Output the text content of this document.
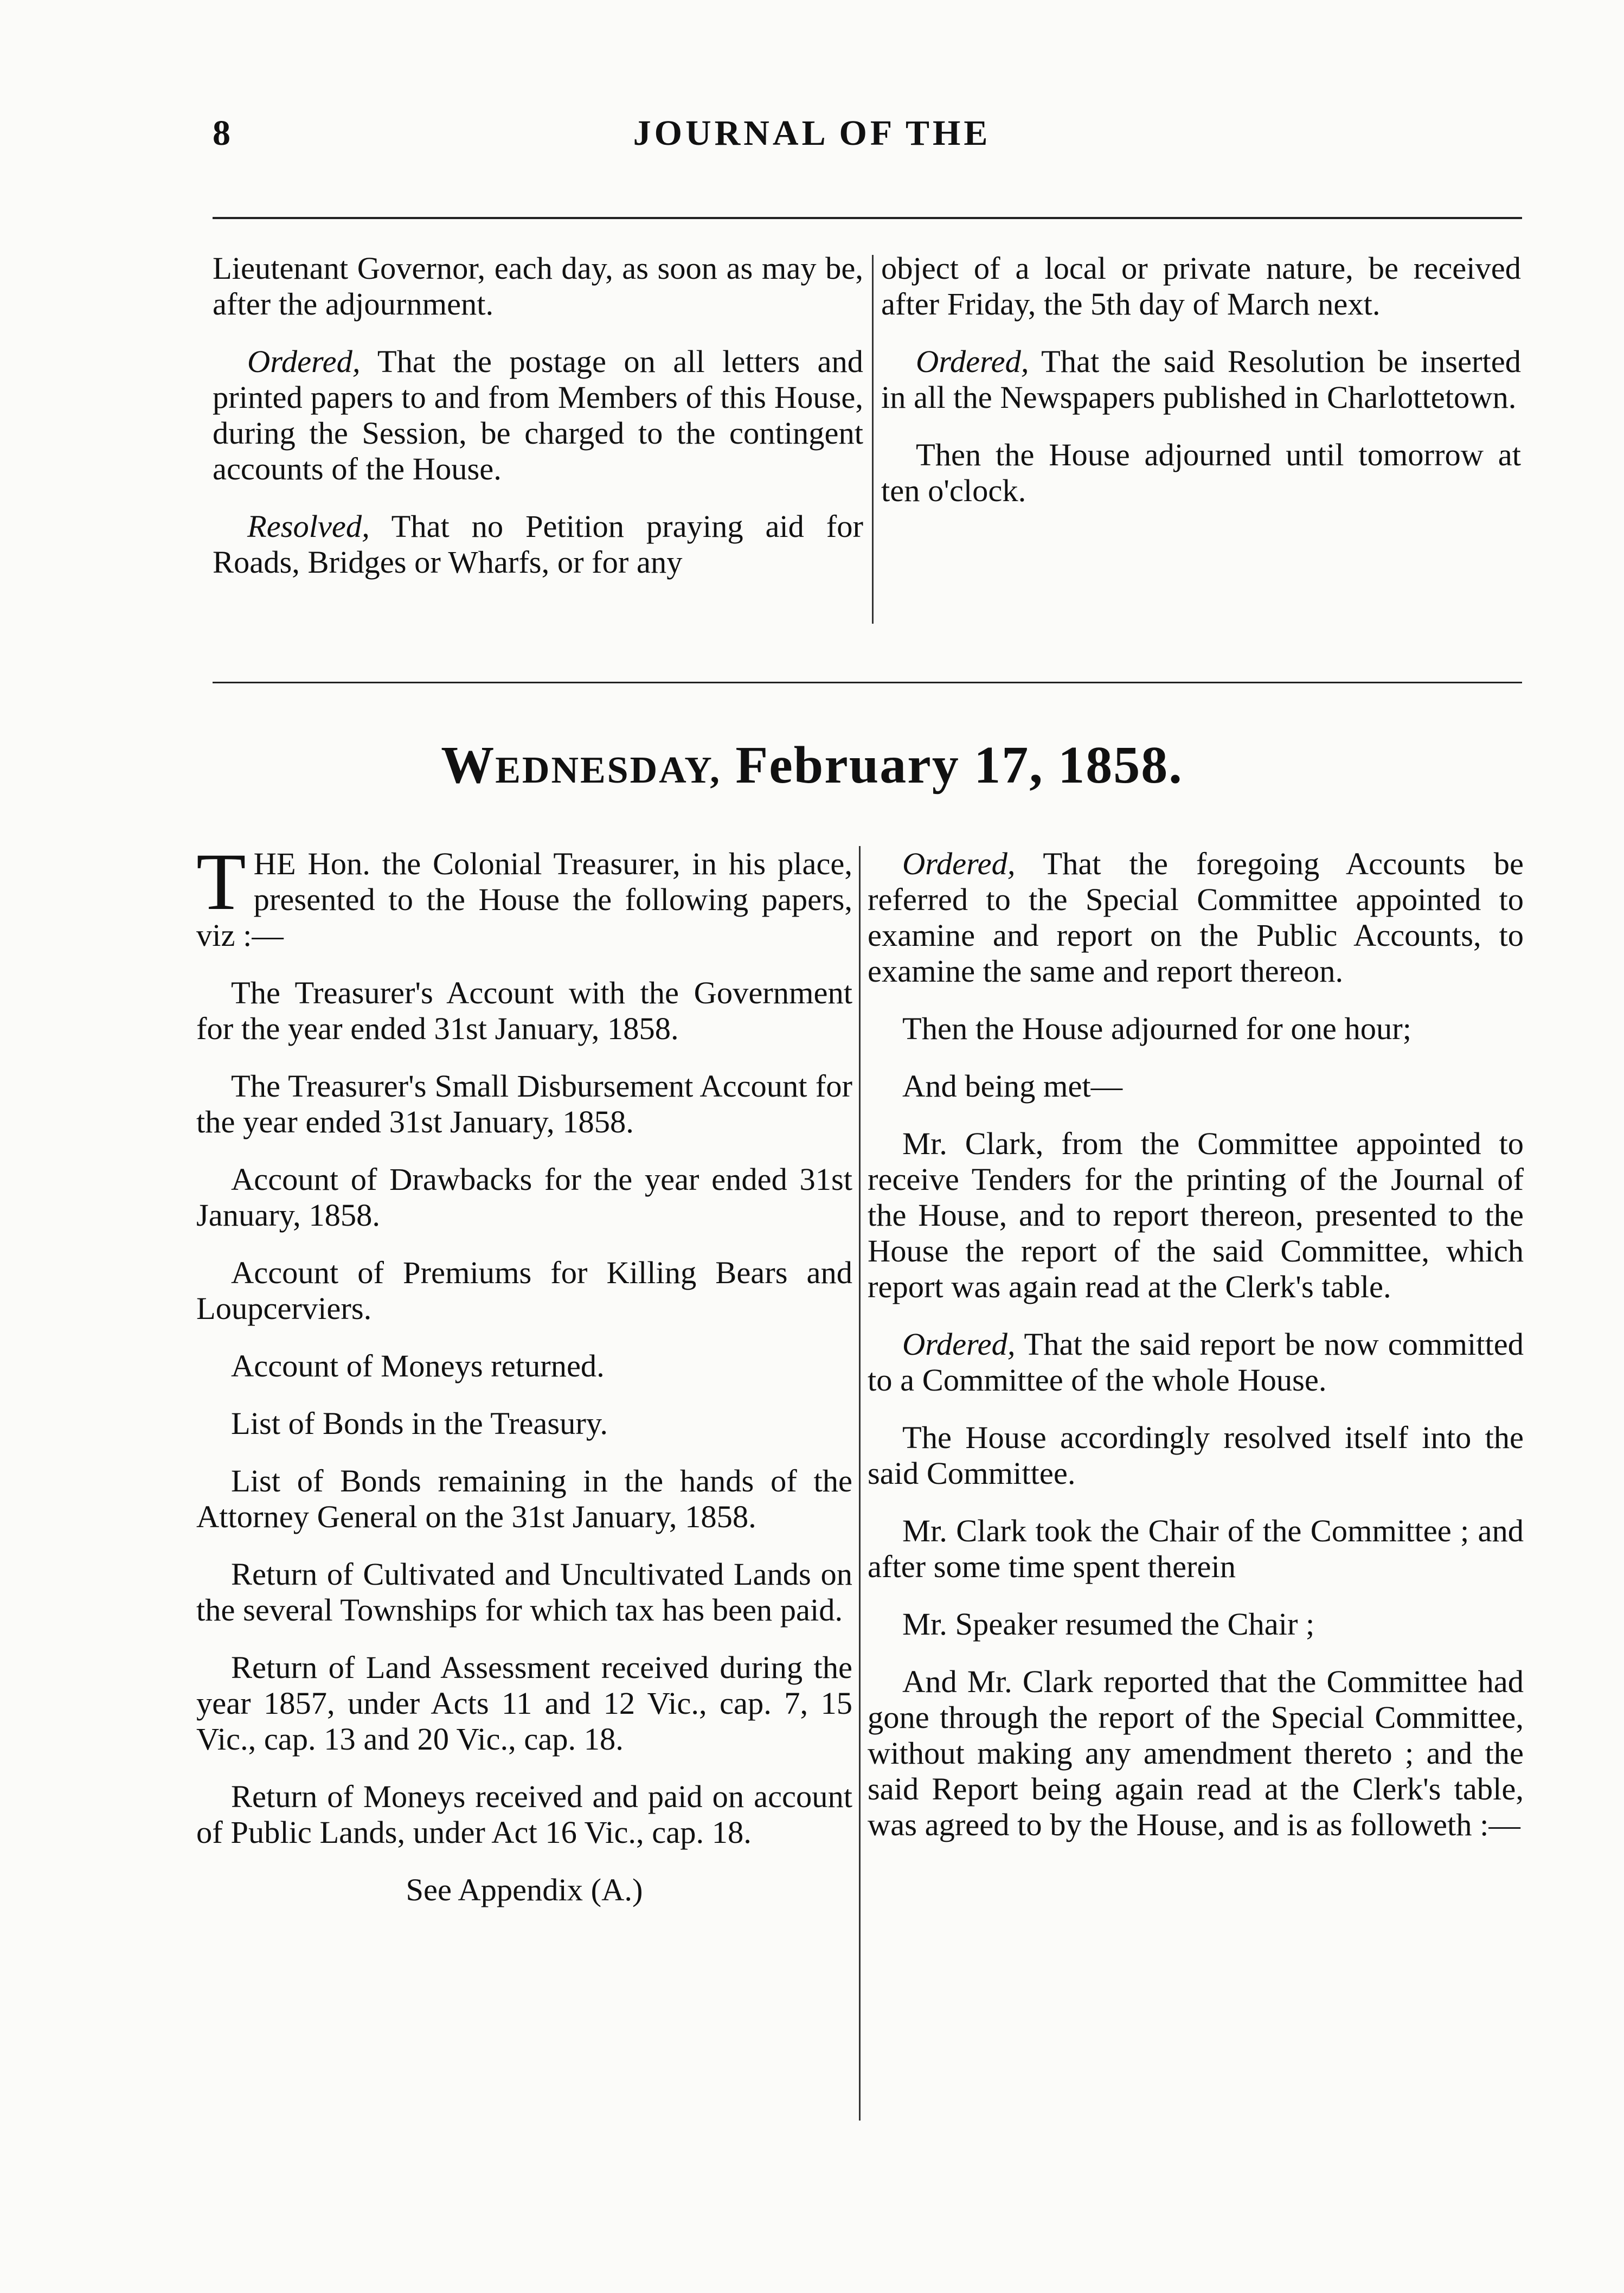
8	JOURNAL OF THE

Lieutenant Governor, each day, as soon as may be, after the adjournment.

Ordered, That the postage on all letters and printed papers to and from Members of this House, during the Session, be charged to the contingent accounts of the House.

Resolved, That no Petition praying aid for Roads, Bridges or Wharfs, or for any

object of a local or private nature, be received after Friday, the 5th day of March next.

Ordered, That the said Resolution be inserted in all the Newspapers published in Charlottetown.

Then the House adjourned until tomorrow at ten o'clock.

WEDNESDAY, February 17, 1858.

THE Hon. the Colonial Treasurer, in his place, presented to the House the following papers, viz :—

The Treasurer's Account with the Government for the year ended 31st January, 1858.

The Treasurer's Small Disbursement Account for the year ended 31st January, 1858.

Account of Drawbacks for the year ended 31st January, 1858.

Account of Premiums for Killing Bears and Loupcerviers.

Account of Moneys returned.

List of Bonds in the Treasury.

List of Bonds remaining in the hands of the Attorney General on the 31st January, 1858.

Return of Cultivated and Uncultivated Lands on the several Townships for which tax has been paid.

Return of Land Assessment received during the year 1857, under Acts 11 and 12 Vic., cap. 7, 15 Vic., cap. 13 and 20 Vic., cap. 18.

Return of Moneys received and paid on account of Public Lands, under Act 16 Vic., cap. 18.

See Appendix (A.)

Ordered, That the foregoing Accounts be referred to the Special Committee appointed to examine and report on the Public Accounts, to examine the same and report thereon.

Then the House adjourned for one hour;

And being met—

Mr. Clark, from the Committee appointed to receive Tenders for the printing of the Journal of the House, and to report thereon, presented to the House the report of the said Committee, which report was again read at the Clerk's table.

Ordered, That the said report be now committed to a Committee of the whole House.

The House accordingly resolved itself into the said Committee.

Mr. Clark took the Chair of the Committee ; and after some time spent therein

Mr. Speaker resumed the Chair ;

And Mr. Clark reported that the Committee had gone through the report of the Special Committee, without making any amendment thereto ; and the said Report being again read at the Clerk's table, was agreed to by the House, and is as followeth :—
